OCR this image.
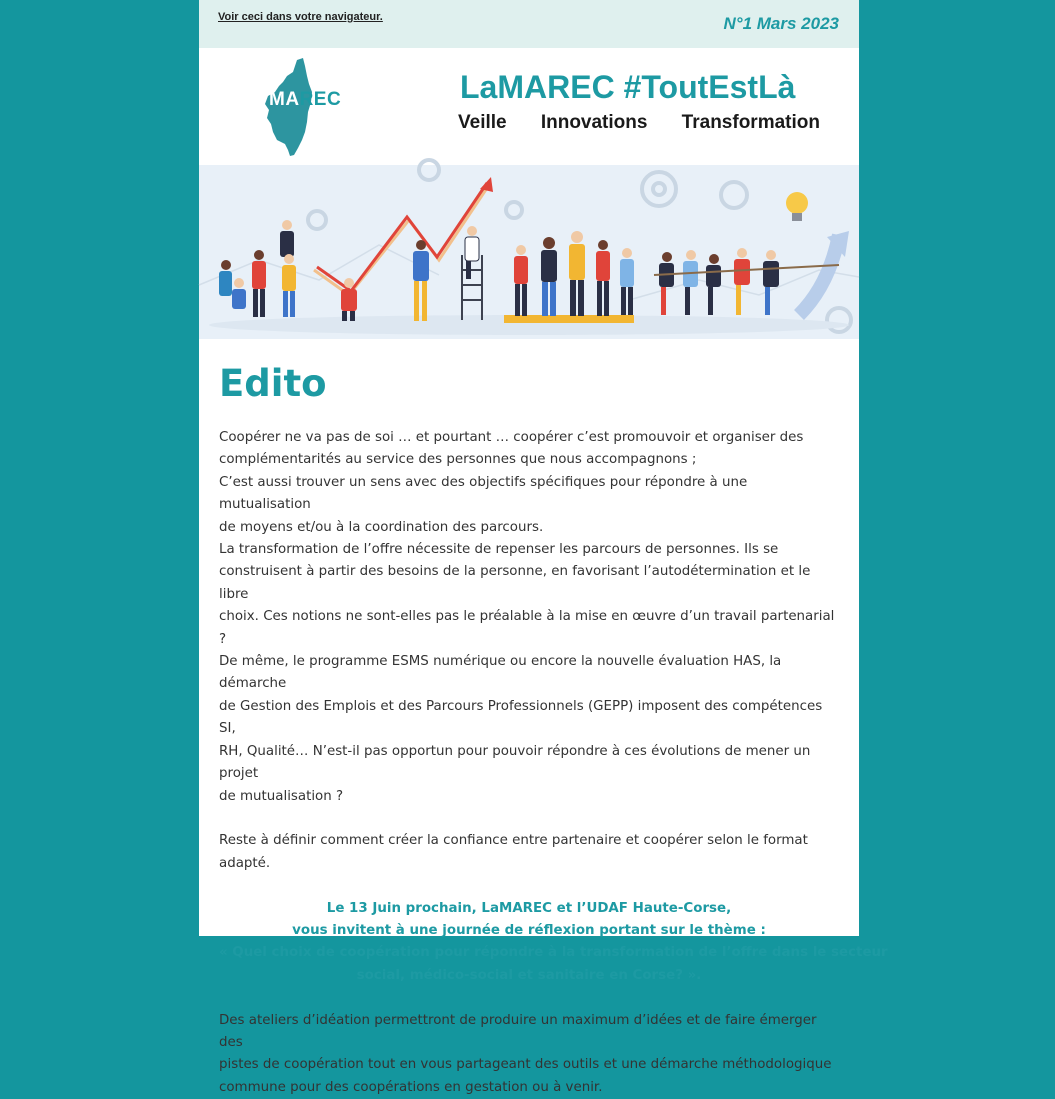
Voir ceci dans votre navigateur.	N°1 Mars 2023
MAREC	LaMAREC #ToutEstLà
Veille Innovations Transformation
Edito

Coopérer ne va pas de soi … et pourtant … coopérer c’est promouvoir et organiser des

complémentarités au service des personnes que nous accompagnons ;

C’est aussi trouver un sens avec des objectifs spécifiques pour répondre à une mutualisation

de moyens et/ou à la coordination des parcours.

La transformation de l’offre nécessite de repenser les parcours de personnes. Ils se

construisent à partir des besoins de la personne, en favorisant l’autodétermination et le libre

choix. Ces notions ne sont-elles pas le préalable à la mise en œuvre d’un travail partenarial ?

De même, le programme ESMS numérique ou encore la nouvelle évaluation HAS, la démarche

de Gestion des Emplois et des Parcours Professionnels (GEPP) imposent des compétences SI,

RH, Qualité… N’est-il pas opportun pour pouvoir répondre à ces évolutions de mener un projet

de mutualisation ?

Reste à définir comment créer la confiance entre partenaire et coopérer selon le format

adapté.

Le 13 Juin prochain, LaMAREC et l’UDAF Haute-Corse,
vous invitent à une journée de réflexion portant sur le thème :
« Quel choix de coopération pour répondre à la transformation de l’offre dans le secteur
social, médico-social et sanitaire en Corse? ».

Des ateliers d’idéation permettront de produire un maximum d’idées et de faire émerger des

pistes de coopération tout en vous partageant des outils et une démarche méthodologique

commune pour des coopérations en gestation ou à venir.
